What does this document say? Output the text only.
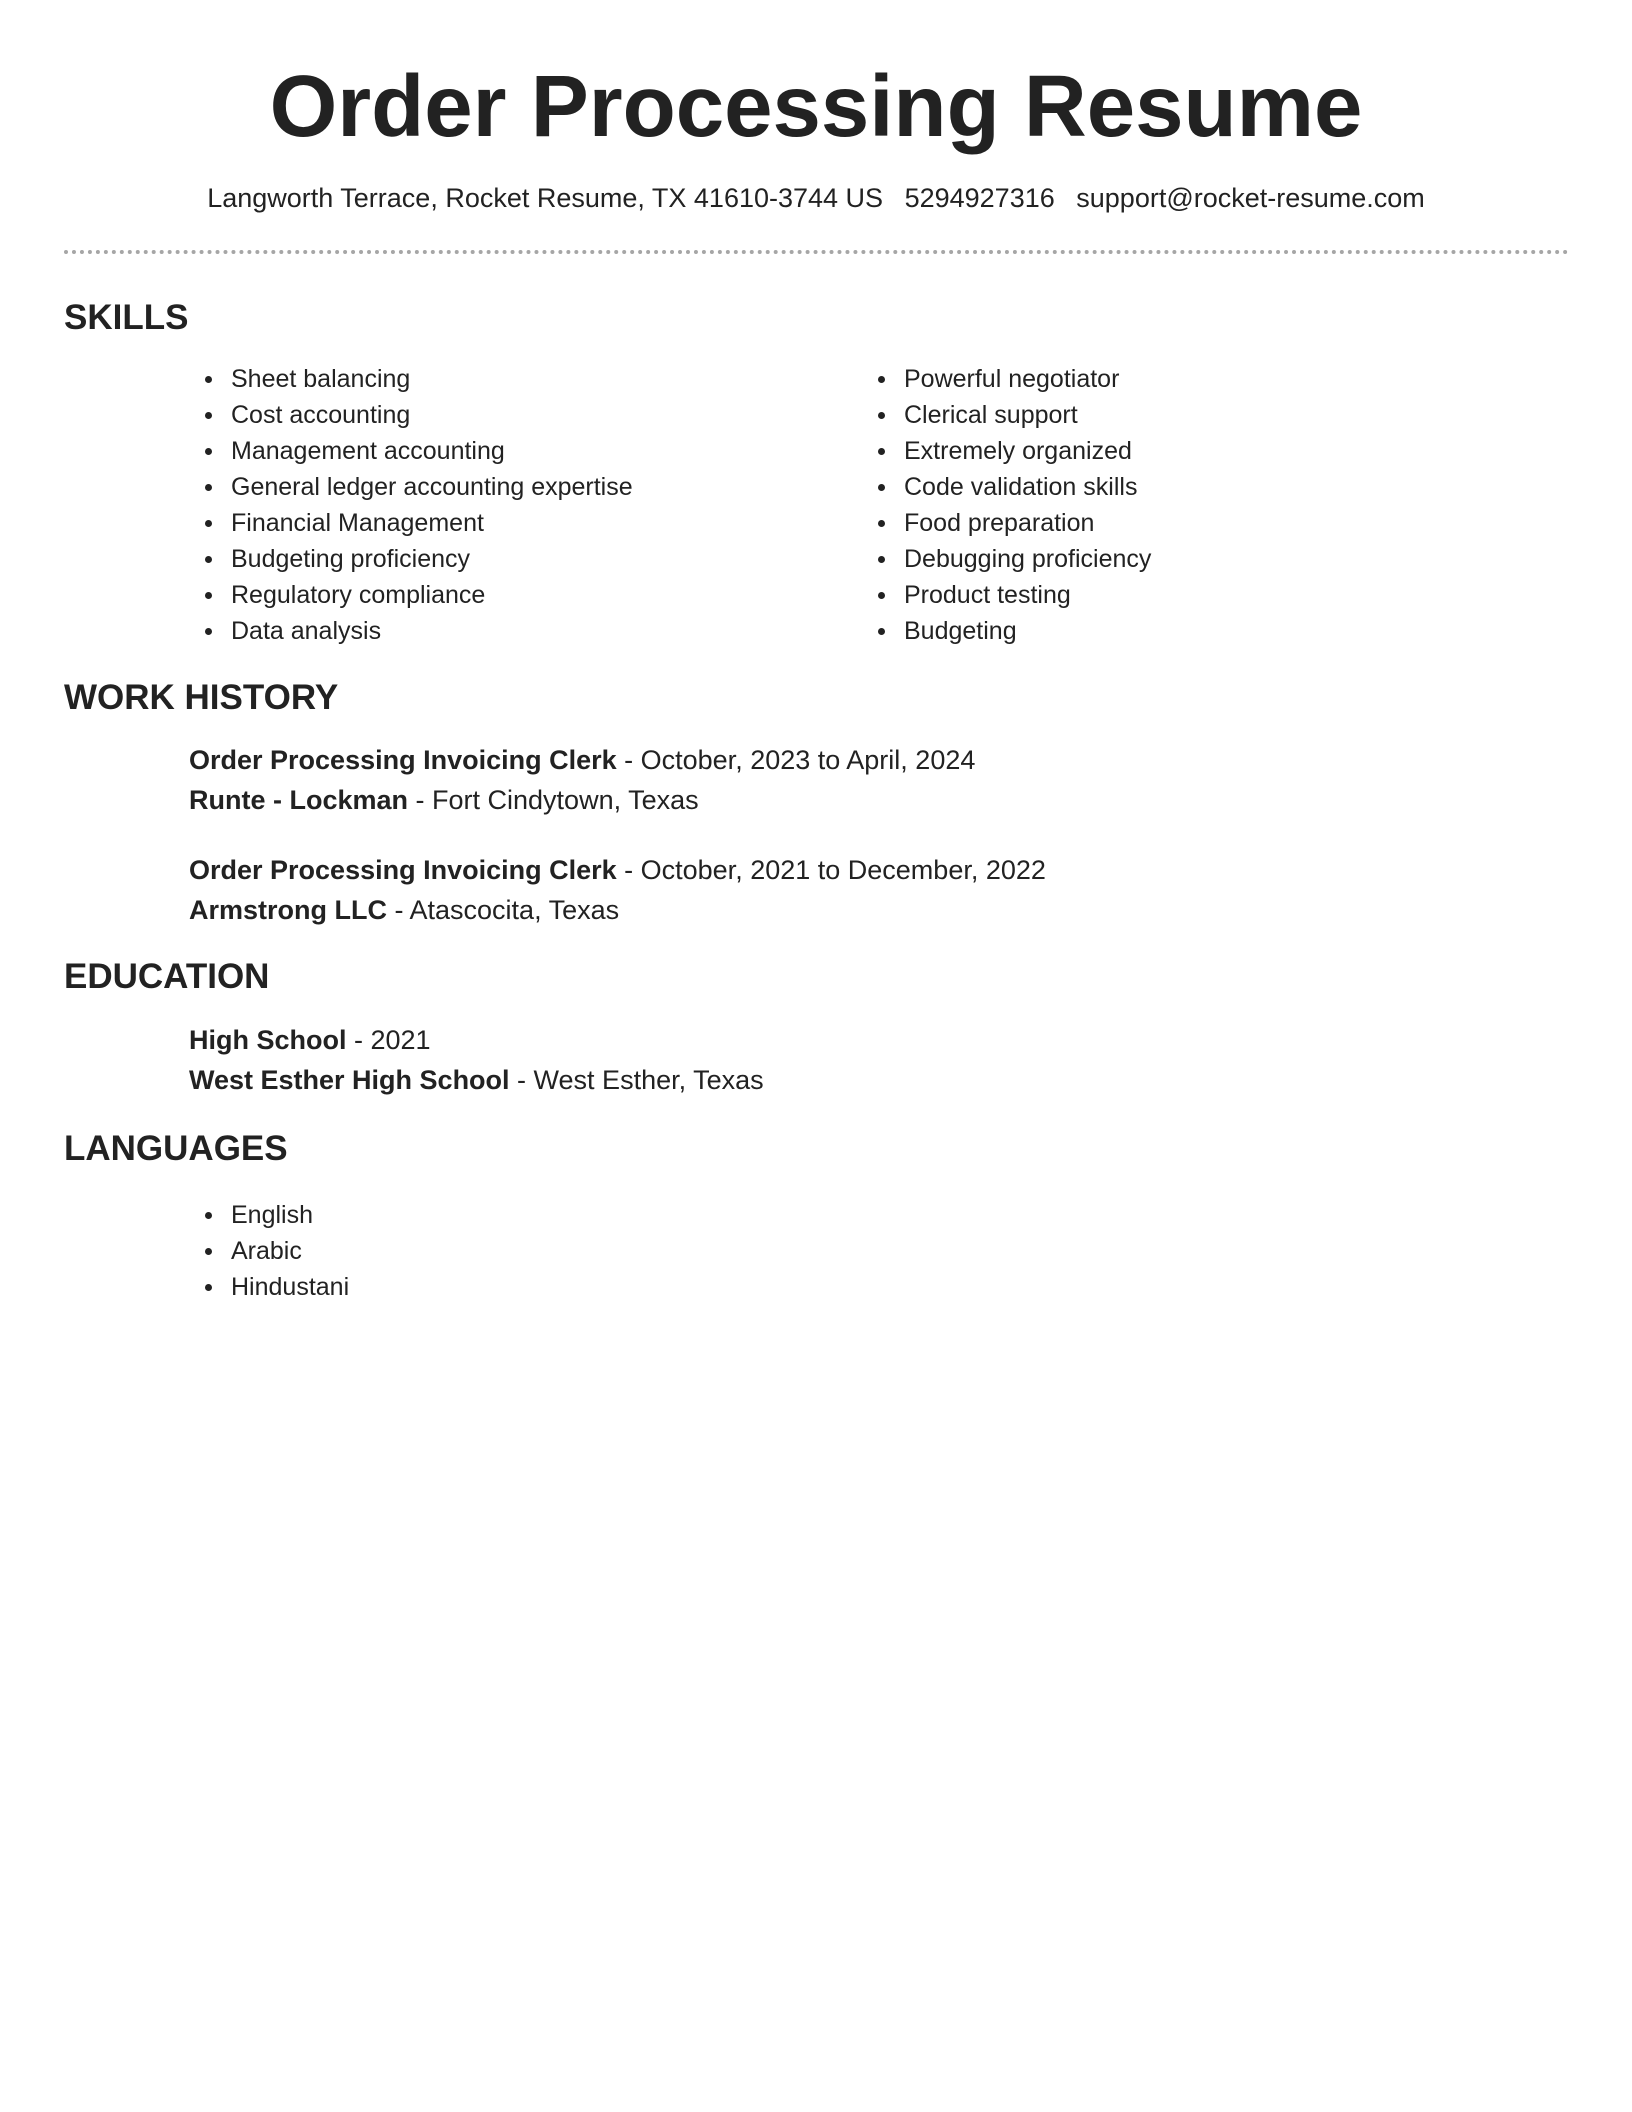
Order Processing Resume
Langworth Terrace, Rocket Resume, TX 41610-3744 US 5294927316 support@rocket-resume.com
SKILLS
Sheet balancing
Cost accounting
Management accounting
General ledger accounting expertise
Financial Management
Budgeting proficiency
Regulatory compliance
Data analysis
Powerful negotiator
Clerical support
Extremely organized
Code validation skills
Food preparation
Debugging proficiency
Product testing
Budgeting
WORK HISTORY
Order Processing Invoicing Clerk - October, 2023 to April, 2024
Runte - Lockman - Fort Cindytown, Texas
Order Processing Invoicing Clerk - October, 2021 to December, 2022
Armstrong LLC - Atascocita, Texas
EDUCATION
High School - 2021
West Esther High School - West Esther, Texas
LANGUAGES
English
Arabic
Hindustani
